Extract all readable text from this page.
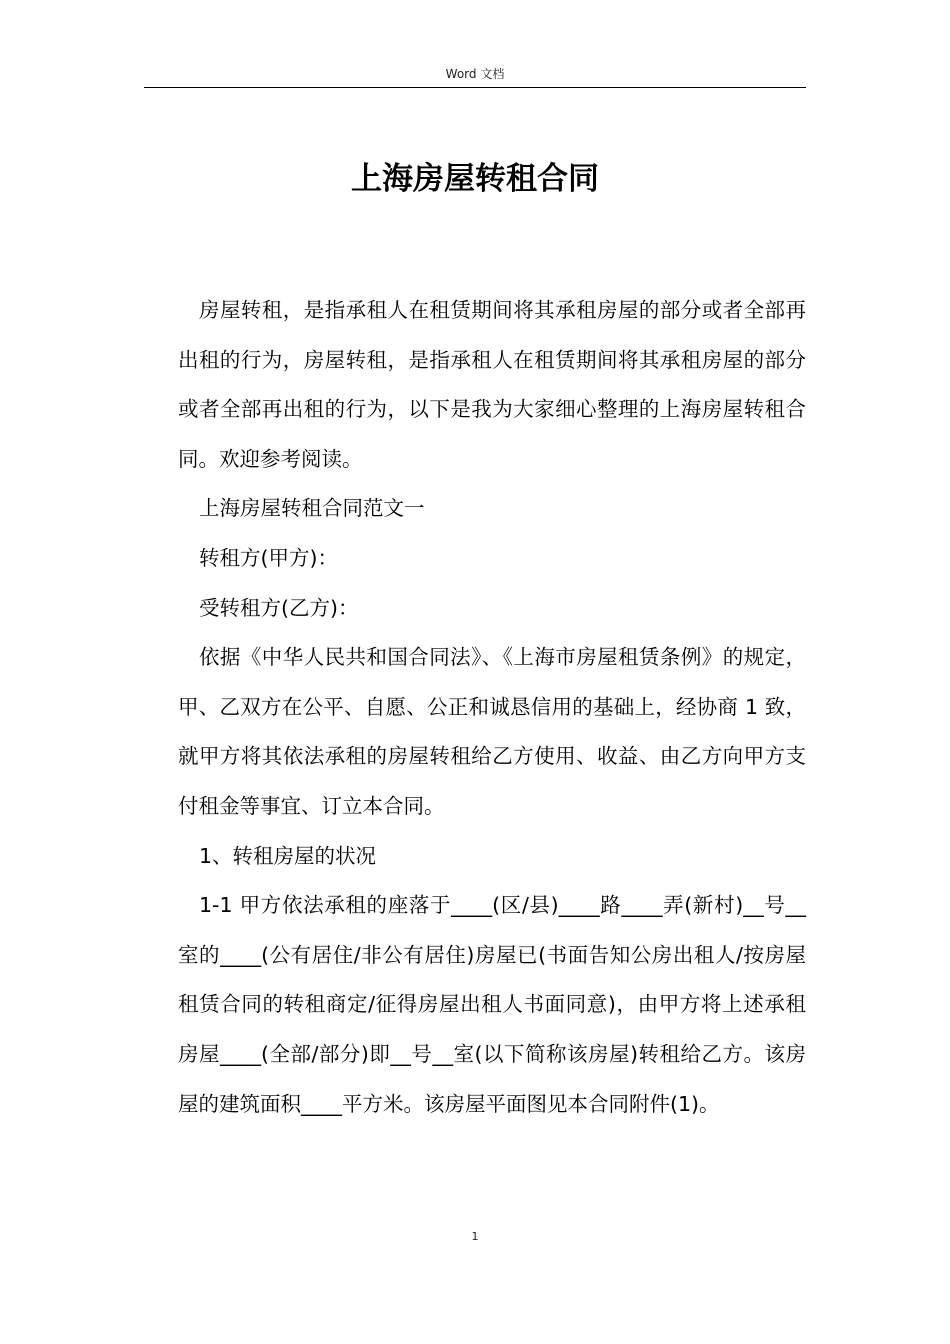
Word 文档
上海房屋转租合同

房屋转租，是指承租人在租赁期间将其承租房屋的部分或者全部再出租的行为，房屋转租，是指承租人在租赁期间将其承租房屋的部分或者全部再出租的行为，以下是我为大家细心整理的上海房屋转租合同。欢迎参考阅读。

上海房屋转租合同范文一

转租方(甲方)：

受转租方(乙方)：

依据《中华人民共和国合同法》、《上海市房屋租赁条例》的规定，甲、乙双方在公平、自愿、公正和诚恳信用的基础上，经协商 1 致，就甲方将其依法承租的房屋转租给乙方使用、收益、由乙方向甲方支付租金等事宜、订立本合同。

1、转租房屋的状况

1-1 甲方依法承租的座落于____(区/县)____路____弄(新村)__号__室的____(公有居住/非公有居住)房屋已(书面告知公房出租人/按房屋租赁合同的转租商定/征得房屋出租人书面同意)，由甲方将上述承租房屋____(全部/部分)即__号__室(以下简称该房屋)转租给乙方。该房屋的建筑面积____平方米。该房屋平面图见本合同附件(1)。

1
